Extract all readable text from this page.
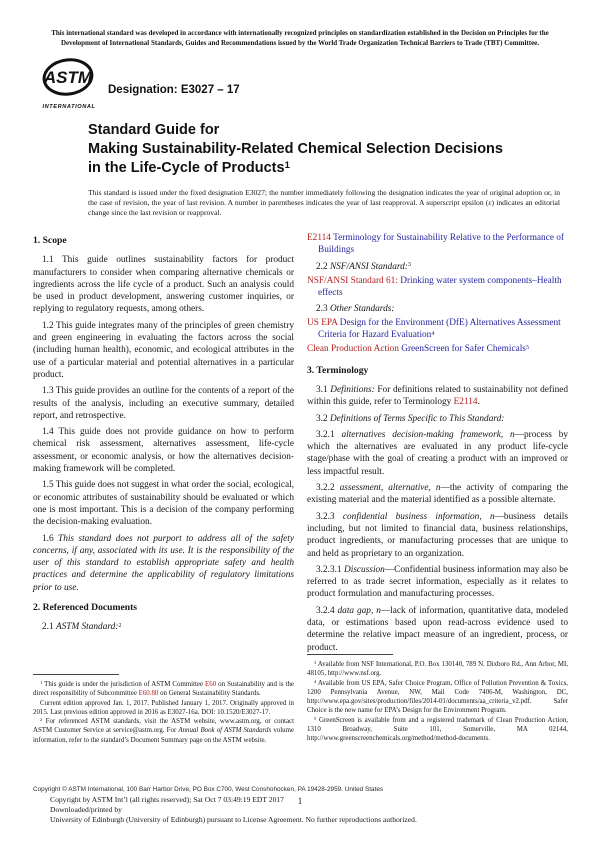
This international standard was developed in accordance with internationally recognized principles on standardization established in the Decision on Principles for the Development of International Standards, Guides and Recommendations issued by the World Trade Organization Technical Barriers to Trade (TBT) Committee.
ASTM
INTERNATIONAL
Designation: E3027 – 17
Standard Guide for
Making Sustainability-Related Chemical Selection Decisions
in the Life-Cycle of Products$^1$
This standard is issued under the fixed designation E3027; the number immediately following the designation indicates the year of original adoption or, in the case of revision, the year of last revision. A number in parentheses indicates the year of last reapproval. A superscript epsilon (ε) indicates an editorial change since the last revision or reapproval.
1. Scope

1.1 This guide outlines sustainability factors for product manufacturers to consider when comparing alternative chemicals or ingredients across the life cycle of a product. Such an analysis could be used in product development, answering customer inquiries, or replying to regulatory requests, among others.

1.2 This guide integrates many of the principles of green chemistry and green engineering in evaluating the factors across the social (including human health), economic, and ecological attributes in the use of a particular material and potential alternatives in a particular product.

1.3 This guide provides an outline for the contents of a report of the results of the analysis, including an executive summary, detailed report, and retrospective.

1.4 This guide does not provide guidance on how to perform chemical risk assessment, alternatives assessment, life-cycle assessment, or economic analysis, or how the alternatives decision-making framework will be completed.

1.5 This guide does not suggest in what order the social, ecological, or economic attributes of sustainability should be evaluated or which one is most important. This is a decision of the company performing the decision-making evaluation.

1.6 This standard does not purport to address all of the safety concerns, if any, associated with its use. It is the responsibility of the user of this standard to establish appropriate safety and health practices and determine the applicability of regulatory limitations prior to use.

2. Referenced Documents

2.1 ASTM Standard:$^2$

$^1$ This guide is under the jurisdiction of ASTM Committee E60 on Sustainability and is the direct responsibility of Subcommittee E60.80 on General Sustainability Standards.

Current edition approved Jan. 1, 2017. Published January 1, 2017. Originally approved in 2015. Last previous edition approved in 2016 as E3027-16a. DOI: 10.1520/E3027-17.

$^2$ For referenced ASTM standards, visit the ASTM website, www.astm.org, or contact ASTM Customer Service at service@astm.org. For Annual Book of ASTM Standards volume information, refer to the standard’s Document Summary page on the ASTM website.

E2114 Terminology for Sustainability Relative to the Performance of Buildings

2.2 NSF/ANSI Standard:$^3$

NSF/ANSI Standard 61: Drinking water system components–Health effects

2.3 Other Standards:

US EPA Design for the Environment (DfE) Alternatives Assessment Criteria for Hazard Evaluation$^4$
Clean Production Action GreenScreen for Safer Chemicals$^5$
3. Terminology

3.1 Definitions: For definitions related to sustainability not defined within this guide, refer to Terminology E2114.

3.2 Definitions of Terms Specific to This Standard:

3.2.1 alternatives decision-making framework, n—process by which the alternatives are evaluated in any product life-cycle stage/phase with the goal of creating a product with an improved or less impactful result.

3.2.2 assessment, alternative, n—the activity of comparing the existing material and the material identified as a possible alternate.

3.2.3 confidential business information, n—business details including, but not limited to financial data, business relationships, product ingredients, or manufacturing processes that are unique to and held as proprietary to an organization.

3.2.3.1 Discussion—Confidential business information may also be referred to as trade secret information, especially as it relates to product formulation and manufacturing processes.

3.2.4 data gap, n—lack of information, quantitative data, modeled data, or estimations based upon read-across evidence used to determine the relative impact measure of an ingredient, process, or product.

$^3$ Available from NSF International, P.O. Box 130140, 789 N. Dixboro Rd., Ann Arbor, MI, 48105, http://www.nsf.org.

$^4$ Available from US EPA, Safer Choice Program, Office of Pollution Prevention & Toxics, 1200 Pennsylvania Avenue, NW, Mail Code 7406-M, Washington, DC, http://www.epa.gov/sites/production/files/2014-01/documents/aa_criteria_v2.pdf. Safer Choice is the new name for EPA’s Design for the Environment Program.

$^5$ GreenScreen is available from and a registered trademark of Clean Production Action, 1310 Broadway, Suite 101, Somerville, MA 02144, http://www.greenscreenchemicals.org/method/method-documents.

Copyright © ASTM International, 100 Barr Harbor Drive, PO Box C700, West Conshohocken, PA 19428-2959. United States
1
Copyright by ASTM Int’l (all rights reserved); Sat Oct 7 03:49:19 EDT 2017
Downloaded/printed by
University of Edinburgh (University of Edinburgh) pursuant to License Agreement. No further reproductions authorized.
